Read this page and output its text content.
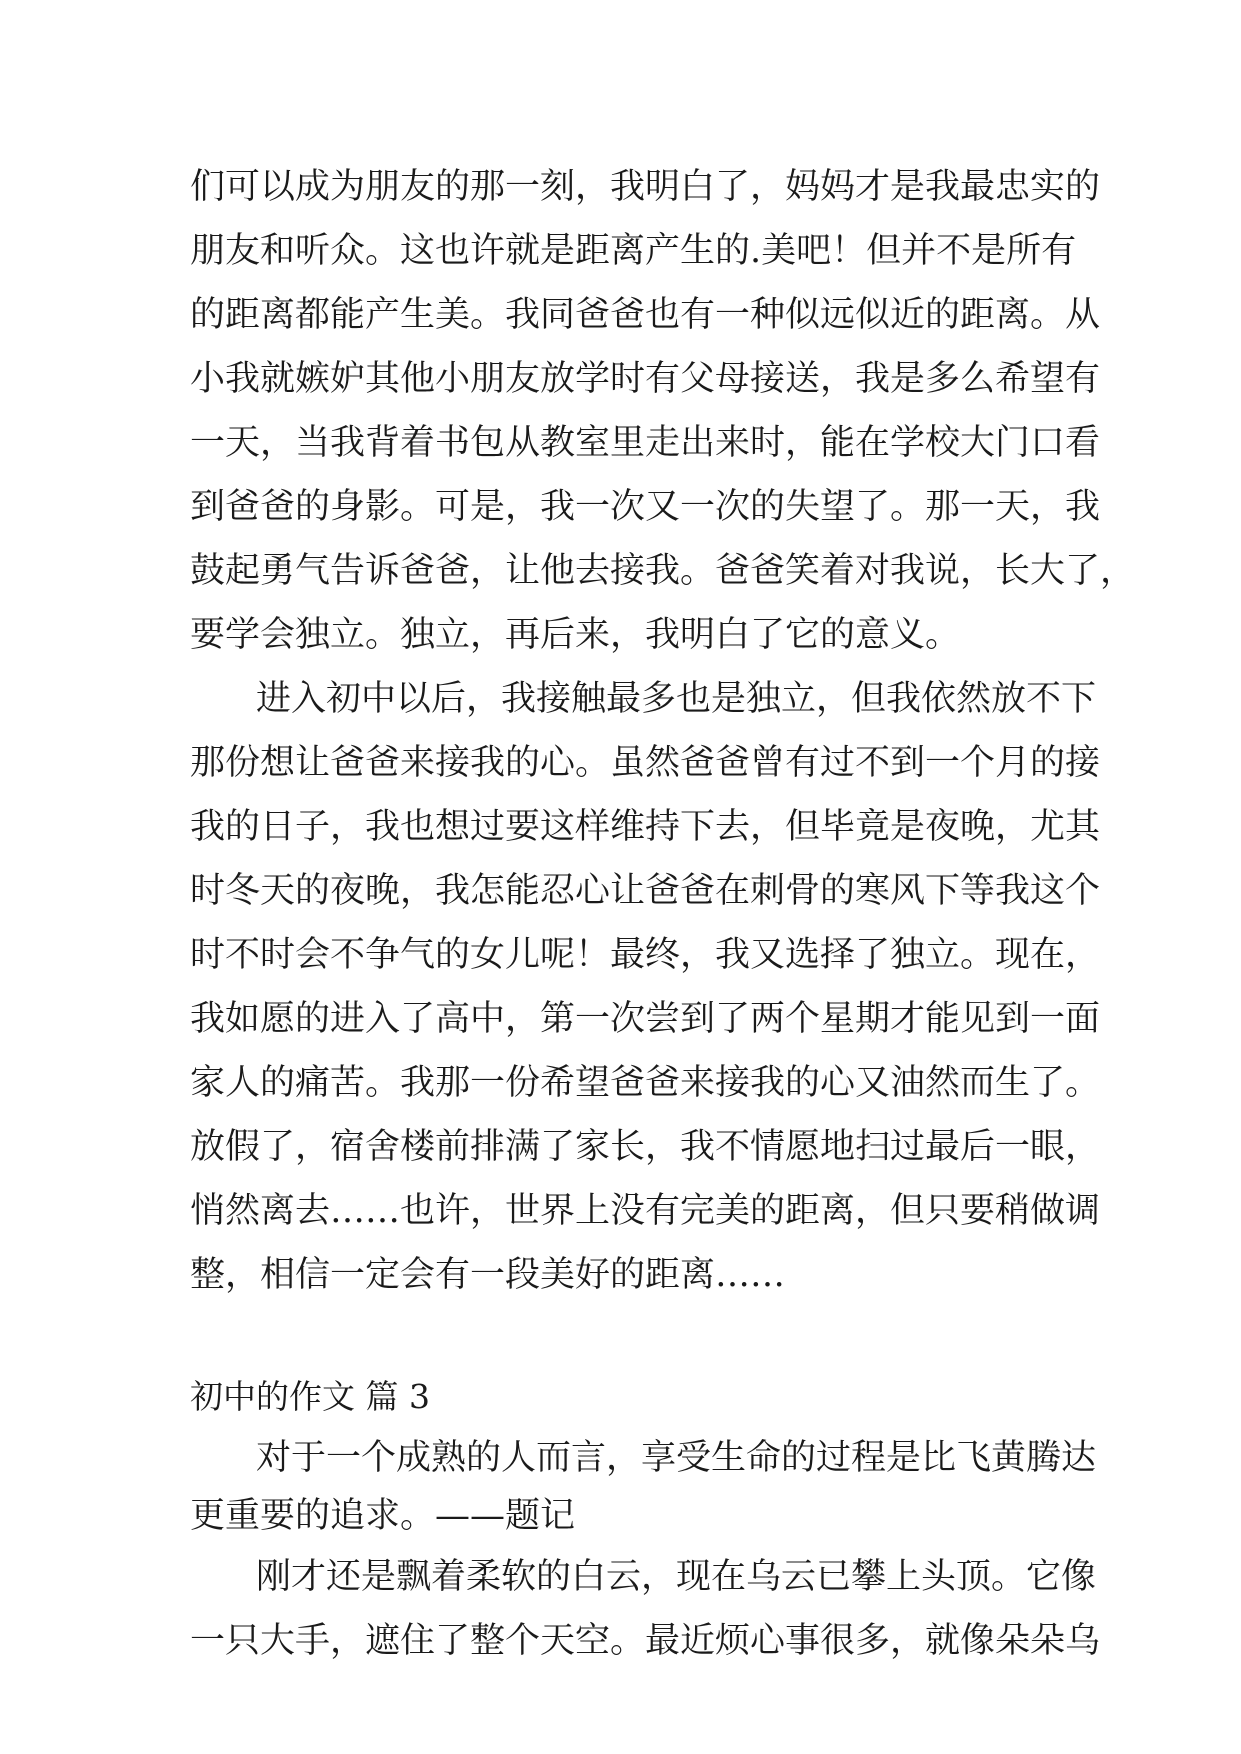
们可以成为朋友的那一刻，我明白了，妈妈才是我最忠实的
朋友和听众。这也许就是距离产生的.美吧！但并不是所有
的距离都能产生美。我同爸爸也有一种似远似近的距离。从
小我就嫉妒其他小朋友放学时有父母接送，我是多么希望有
一天，当我背着书包从教室里走出来时，能在学校大门口看
到爸爸的身影。可是，我一次又一次的失望了。那一天，我
鼓起勇气告诉爸爸，让他去接我。爸爸笑着对我说，长大了，
要学会独立。独立，再后来，我明白了它的意义。
进入初中以后，我接触最多也是独立，但我依然放不下
那份想让爸爸来接我的心。虽然爸爸曾有过不到一个月的接
我的日子，我也想过要这样维持下去，但毕竟是夜晚，尤其
时冬天的夜晚，我怎能忍心让爸爸在刺骨的寒风下等我这个
时不时会不争气的女儿呢！最终，我又选择了独立。现在，
我如愿的进入了高中，第一次尝到了两个星期才能见到一面
家人的痛苦。我那一份希望爸爸来接我的心又油然而生了。
放假了，宿舍楼前排满了家长，我不情愿地扫过最后一眼，
悄然离去……也许，世界上没有完美的距离，但只要稍做调
整，相信一定会有一段美好的距离……
初中的作文 篇 3
对于一个成熟的人而言，享受生命的过程是比飞黄腾达
更重要的追求。——题记
刚才还是飘着柔软的白云，现在乌云已攀上头顶。它像
一只大手，遮住了整个天空。最近烦心事很多，就像朵朵乌
